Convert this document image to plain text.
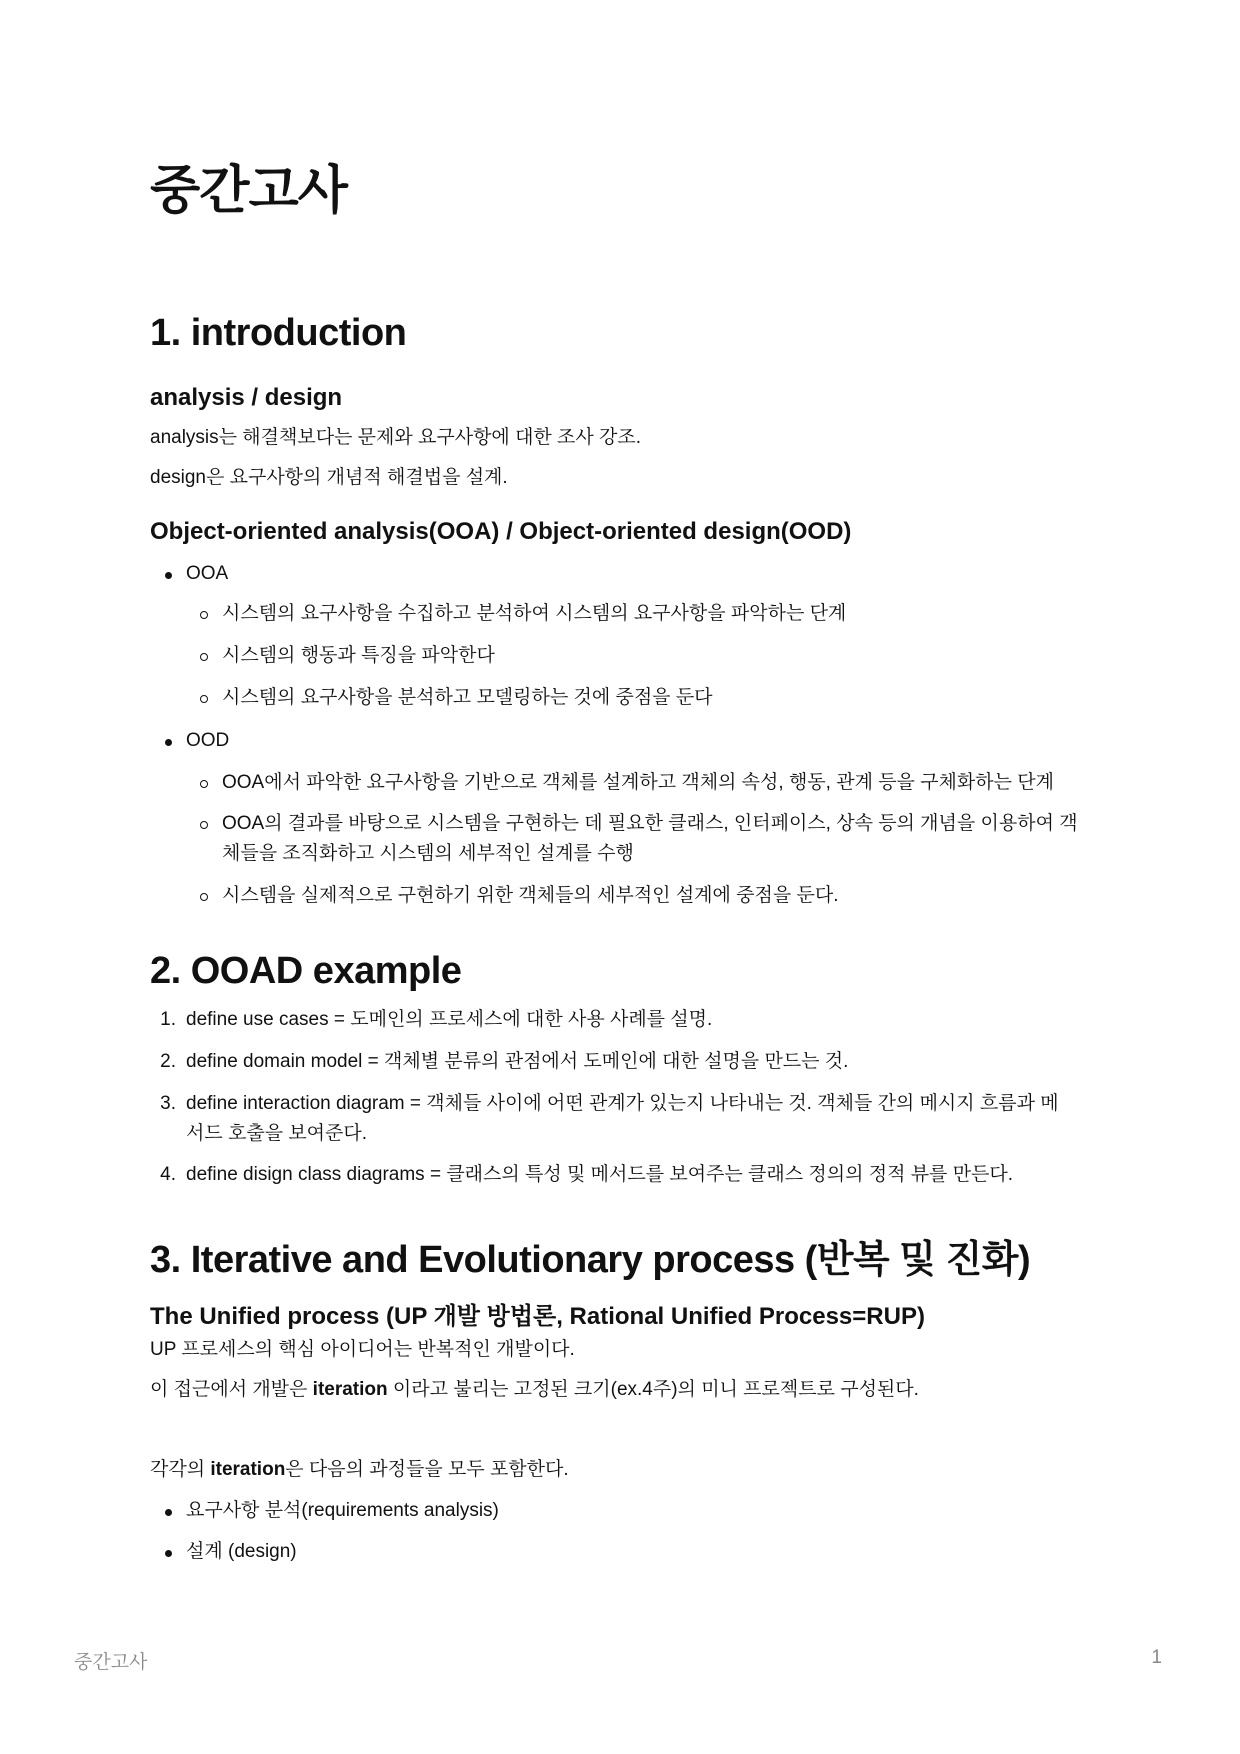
중간고사
1. introduction
analysis / design

analysis는 해결책보다는 문제와 요구사항에 대한 조사 강조.

design은 요구사항의 개념적 해결법을 설계.

Object-oriented analysis(OOA) / Object-oriented design(OOD)
OOA
시스템의 요구사항을 수집하고 분석하여 시스템의 요구사항을 파악하는 단계
시스템의 행동과 특징을 파악한다
시스템의 요구사항을 분석하고 모델링하는 것에 중점을 둔다
OOD
OOA에서 파악한 요구사항을 기반으로 객체를 설계하고 객체의 속성, 행동, 관계 등을 구체화하는 단계
OOA의 결과를 바탕으로 시스템을 구현하는 데 필요한 클래스, 인터페이스, 상속 등의 개념을 이용하여 객체들을 조직화하고 시스템의 세부적인 설계를 수행
시스템을 실제적으로 구현하기 위한 객체들의 세부적인 설계에 중점을 둔다.
2. OOAD example
1. define use cases = 도메인의 프로세스에 대한 사용 사례를 설명.
2. define domain model = 객체별 분류의 관점에서 도메인에 대한 설명을 만드는 것.
3. define interaction diagram = 객체들 사이에 어떤 관계가 있는지 나타내는 것. 객체들 간의 메시지 흐름과 메서드 호출을 보여준다.
4. define disign class diagrams = 클래스의 특성 및 메서드를 보여주는 클래스 정의의 정적 뷰를 만든다.
3. Iterative and Evolutionary process (반복 및 진화)
The Unified process (UP 개발 방법론, Rational Unified Process=RUP)

UP 프로세스의 핵심 아이디어는 반복적인 개발이다.

이 접근에서 개발은 iteration 이라고 불리는 고정된 크기(ex.4주)의 미니 프로젝트로 구성된다.

각각의 iteration은 다음의 과정들을 모두 포함한다.

요구사항 분석(requirements analysis)
설계 (design)
중간고사	1
